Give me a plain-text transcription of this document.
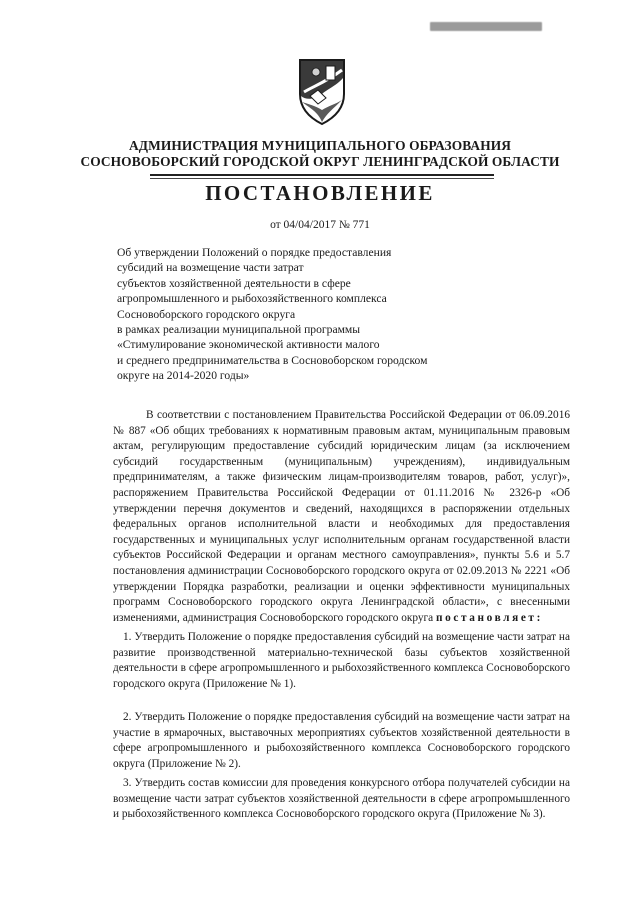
АДМИНИСТРАЦИЯ МУНИЦИПАЛЬНОГО ОБРАЗОВАНИЯ
СОСНОВОБОРСКИЙ ГОРОДСКОЙ ОКРУГ ЛЕНИНГРАДСКОЙ ОБЛАСТИ
ПОСТАНОВЛЕНИЕ
от 04/04/2017 № 771
Об утверждении Положений о порядке предоставления
субсидий на возмещение части затрат
субъектов хозяйственной деятельности в сфере
агропромышленного и рыбохозяйственного комплекса
Сосновоборского городского округа
в рамках реализации муниципальной программы
«Стимулирование экономической активности малого
и среднего предпринимательства в Сосновоборском городском
округе на 2014-2020 годы»

В соответствии с постановлением Правительства Российской Федерации от 06.09.2016 № 887 «Об общих требованиях к нормативным правовым актам, муниципальным правовым актам, регулирующим предоставление субсидий юридическим лицам (за исключением субсидий государственным (муниципальным) учреждениям), индивидуальным предпринимателям, а также физическим лицам-производителям товаров, работ, услуг)», распоряжением Правительства Российской Федерации от 01.11.2016 № 2326-р «Об утверждении перечня документов и сведений, находящихся в распоряжении отдельных федеральных органов исполнительной власти и необходимых для предоставления государственных и муниципальных услуг исполнительным органам государственной власти субъектов Российской Федерации и органам местного самоуправления», пункты 5.6 и 5.7 постановления администрации Сосновоборского городского округа от 02.09.2013 № 2221 «Об утверждении Порядка разработки, реализации и оценки эффективности муниципальных программ Сосновоборского городского округа Ленинградской области», с внесенными изменениями, администрация Сосновоборского городского округа постановляет:

1. Утвердить Положение о порядке предоставления субсидий на возмещение части затрат на развитие производственной материально-технической базы субъектов хозяйственной деятельности в сфере агропромышленного и рыбохозяйственного комплекса Сосновоборского городского округа (Приложение № 1).

2. Утвердить Положение о порядке предоставления субсидий на возмещение части затрат на участие в ярмарочных, выставочных мероприятиях субъектов хозяйственной деятельности в сфере агропромышленного и рыбохозяйственного комплекса Сосновоборского городского округа (Приложение № 2).

3. Утвердить состав комиссии для проведения конкурсного отбора получателей субсидии на возмещение части затрат субъектов хозяйственной деятельности в сфере агропромышленного и рыбохозяйственного комплекса Сосновоборского городского округа (Приложение № 3).
